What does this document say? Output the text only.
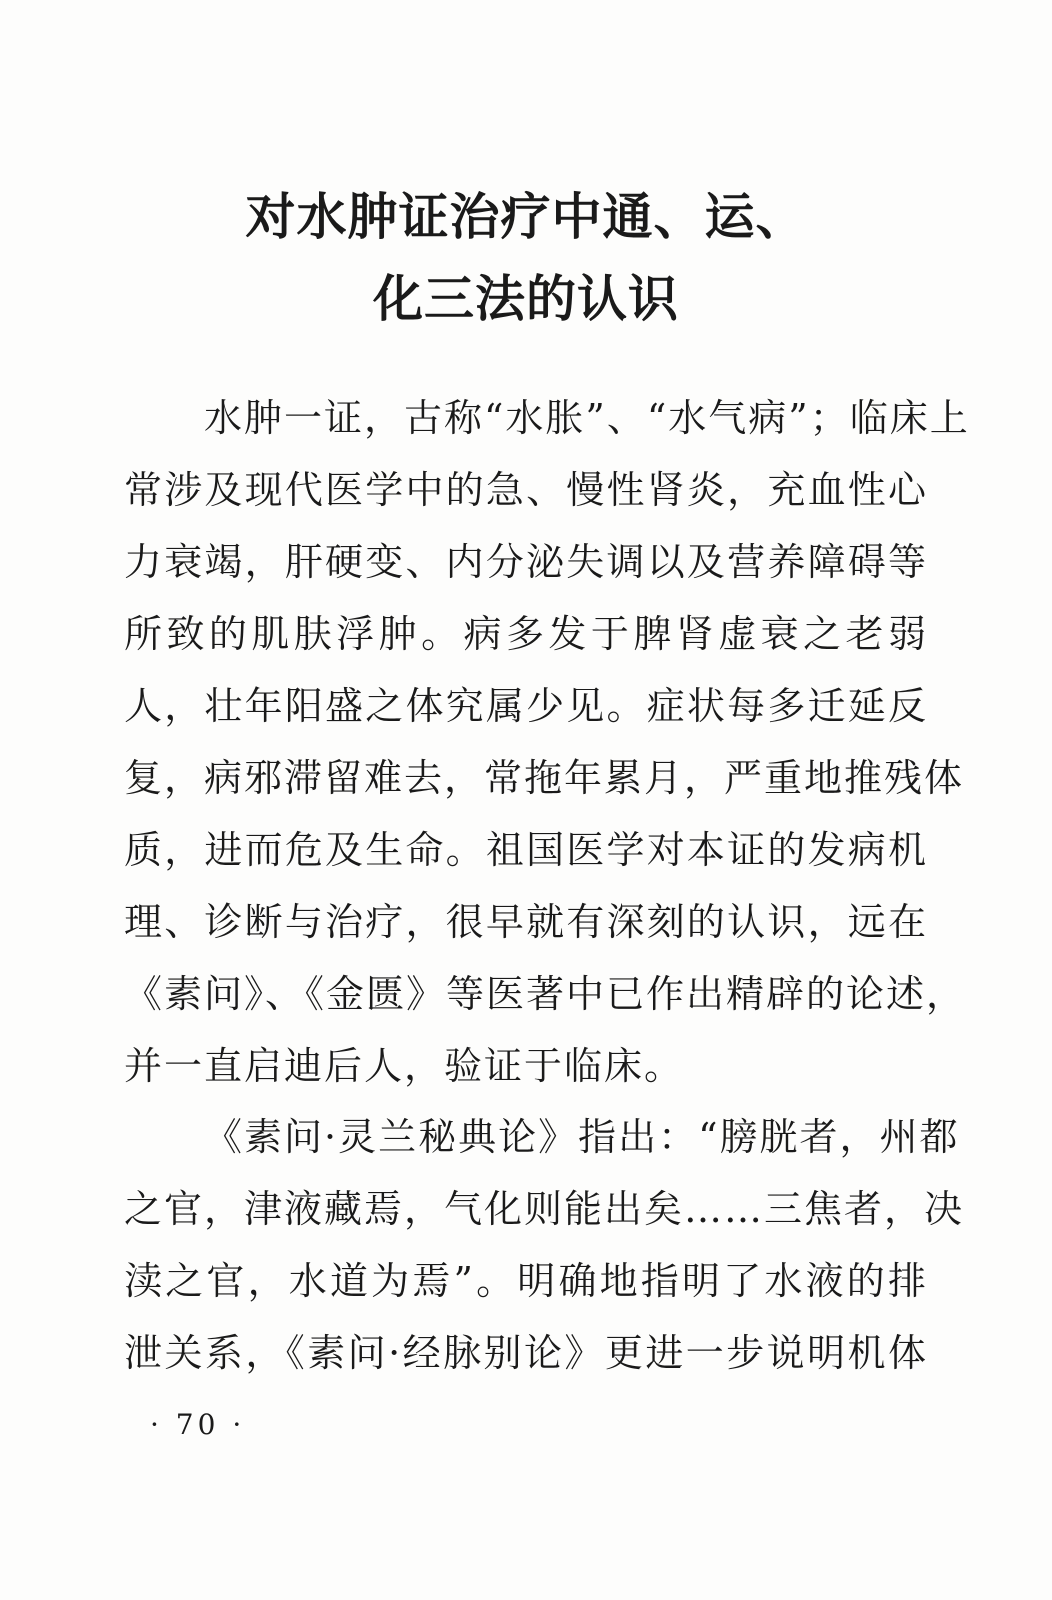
对水肿证治疗中通、运、
化三法的认识
水肿一证，古称“水胀”、“水气病”；临床上
常涉及现代医学中的急、慢性肾炎，充血性心
力衰竭，肝硬变、内分泌失调以及营养障碍等
所致的肌肤浮肿。病多发于脾肾虚衰之老弱
人，壮年阳盛之体究属少见。症状每多迁延反
复，病邪滞留难去，常拖年累月，严重地推残体
质，进而危及生命。祖国医学对本证的发病机
理、诊断与治疗，很早就有深刻的认识，远在
《素问》、《金匮》等医著中已作出精辟的论述，
并一直启迪后人，验证于临床。
《素问·灵兰秘典论》指出：“膀胱者，州都
之官，津液藏焉，气化则能出矣……三焦者，决
渎之官，水道为焉”。明确地指明了水液的排
泄关系，《素问·经脉别论》更进一步说明机体
· 70 ·
